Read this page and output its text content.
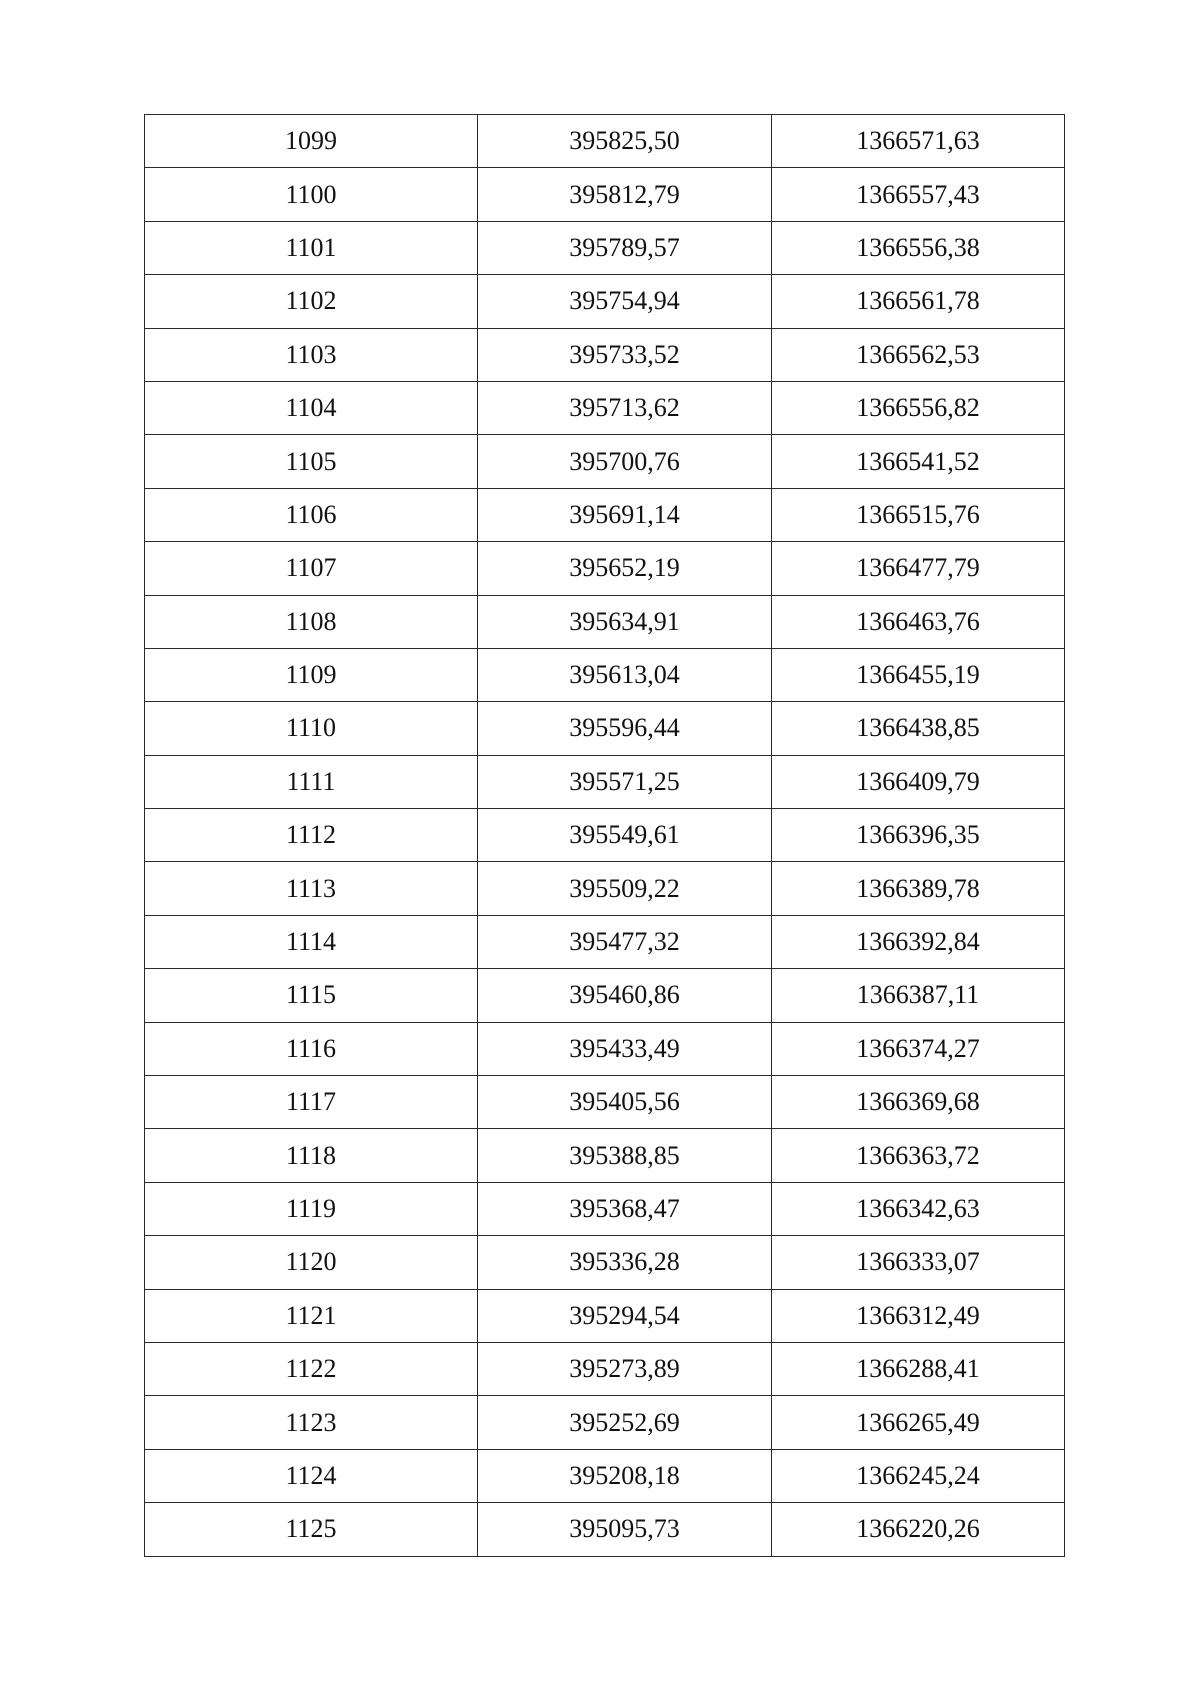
1099	395825,50	1366571,63
1100	395812,79	1366557,43
1101	395789,57	1366556,38
1102	395754,94	1366561,78
1103	395733,52	1366562,53
1104	395713,62	1366556,82
1105	395700,76	1366541,52
1106	395691,14	1366515,76
1107	395652,19	1366477,79
1108	395634,91	1366463,76
1109	395613,04	1366455,19
1110	395596,44	1366438,85
1111	395571,25	1366409,79
1112	395549,61	1366396,35
1113	395509,22	1366389,78
1114	395477,32	1366392,84
1115	395460,86	1366387,11
1116	395433,49	1366374,27
1117	395405,56	1366369,68
1118	395388,85	1366363,72
1119	395368,47	1366342,63
1120	395336,28	1366333,07
1121	395294,54	1366312,49
1122	395273,89	1366288,41
1123	395252,69	1366265,49
1124	395208,18	1366245,24
1125	395095,73	1366220,26
